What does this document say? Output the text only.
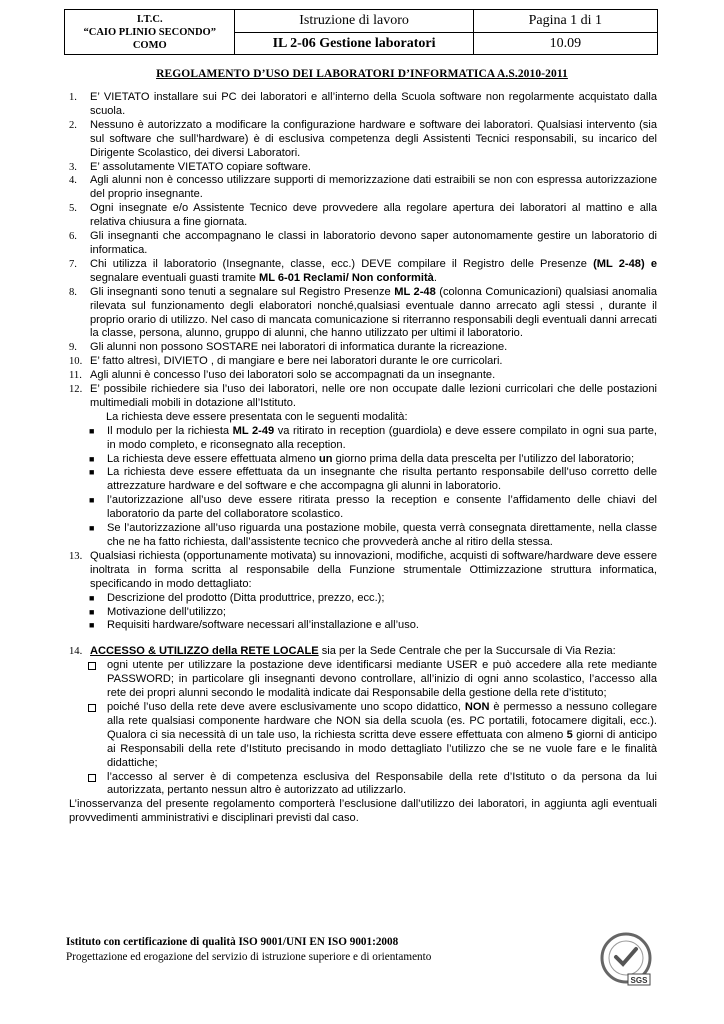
I.T.C.
“CAIO PLINIO SECONDO”
COMO	Istruzione di lavoro	Pagina 1 di 1
	IL 2-06 Gestione laboratori	10.09
REGOLAMENTO D’USO DEI LABORATORI D’INFORMATICA A.S.2010-2011
1. E’ VIETATO installare sui PC dei laboratori e all’interno della Scuola software non regolarmente acquistato dalla scuola.
2. Nessuno è autorizzato a modificare la configurazione hardware e software dei laboratori. Qualsiasi intervento (sia sul software che sull’hardware) è di esclusiva competenza degli Assistenti Tecnici responsabili, su incarico del Dirigente Scolastico, dei diversi Laboratori.
3. E’ assolutamente VIETATO copiare software.
4. Agli alunni non è concesso utilizzare supporti di memorizzazione dati estraibili se non con espressa autorizzazione del proprio insegnante.
5. Ogni insegnate e/o Assistente Tecnico deve provvedere alla regolare apertura dei laboratori al mattino e alla relativa chiusura a fine giornata.
6. Gli insegnanti che accompagnano le classi in laboratorio devono saper autonomamente gestire un laboratorio di informatica.
7. Chi utilizza il laboratorio (Insegnante, classe, ecc.) DEVE compilare il Registro delle Presenze (ML 2-48) e segnalare eventuali guasti tramite ML 6-01 Reclami/ Non conformità.
8. Gli insegnanti sono tenuti a segnalare sul Registro Presenze ML 2-48 (colonna Comunicazioni) qualsiasi anomalia rilevata sul funzionamento degli elaboratori nonché,qualsiasi eventuale danno arrecato agli stessi , durante il proprio orario di utilizzo. Nel caso di mancata comunicazione si riterranno responsabili degli eventuali danni arrecati la classe, persona, alunno, gruppo di alunni, che hanno utilizzato per ultimi il laboratorio.
9. Gli alunni non possono SOSTARE nei laboratori di informatica durante la ricreazione.
10. E’ fatto altresì, DIVIETO , di mangiare e bere nei laboratori durante le ore curricolari.
11. Agli alunni è concesso l’uso dei laboratori solo se accompagnati da un insegnante.
12. E’ possibile richiedere sia l’uso dei laboratori, nelle ore non occupate dalle lezioni curricolari che delle postazioni multimediali mobili in dotazione all’Istituto.
La richiesta deve essere presentata con le seguenti modalità:
■ Il modulo per la richiesta ML 2-49 va ritirato in reception (guardiola) e deve essere compilato in ogni sua parte, in modo completo, e riconsegnato alla reception.
■ La richiesta deve essere effettuata almeno un giorno prima della data prescelta per l’utilizzo del laboratorio;
■ La richiesta deve essere effettuata da un insegnante che risulta pertanto responsabile dell’uso corretto delle attrezzature hardware e del software e che accompagna gli alunni in laboratorio.
■ l’autorizzazione all’uso deve essere ritirata presso la reception e consente l’affidamento delle chiavi del laboratorio da parte del collaboratore scolastico.
■ Se l’autorizzazione all’uso riguarda una postazione mobile, questa verrà consegnata direttamente, nella classe che ne ha fatto richiesta, dall’assistente tecnico che provvederà anche al ritiro della stessa.
13. Qualsiasi richiesta (opportunamente motivata) su innovazioni, modifiche, acquisti di software/hardware deve essere inoltrata in forma scritta al responsabile della Funzione strumentale Ottimizzazione struttura informatica, specificando in modo dettagliato:
■ Descrizione del prodotto (Ditta produttrice, prezzo, ecc.);
■ Motivazione dell’utilizzo;
■ Requisiti hardware/software necessari all’installazione e all’uso.
14. ACCESSO & UTILIZZO della RETE LOCALE sia per la Sede Centrale che per la Succursale di Via Rezia:
ogni utente per utilizzare la postazione deve identificarsi mediante USER e può accedere alla rete mediante PASSWORD; in particolare gli insegnanti devono controllare, all’inizio di ogni anno scolastico, l’accesso alla rete dei propri alunni secondo le modalità indicate dai Responsabile della gestione della rete d’istituto;
poiché l’uso della rete deve avere esclusivamente uno scopo didattico, NON è permesso a nessuno collegare alla rete qualsiasi componente hardware che NON sia della scuola (es. PC portatili, fotocamere digitali, ecc.). Qualora ci sia necessità di un tale uso, la richiesta scritta deve essere effettuata con almeno 5 giorni di anticipo ai Responsabili della rete d’Istituto precisando in modo dettagliato l’utilizzo che se ne vuole fare e le finalità didattiche;
l’accesso al server è di competenza esclusiva del Responsabile della rete d’Istituto o da persona da lui autorizzata, pertanto nessun altro è autorizzato ad utilizzarlo.
L’inosservanza del presente regolamento comporterà l’esclusione dall’utilizzo dei laboratori, in aggiunta agli eventuali provvedimenti amministrativi e disciplinari previsti dal caso.
Istituto con certificazione di qualità ISO 9001/UNI EN ISO 9001:2008
Progettazione ed erogazione del servizio di istruzione superiore e di orientamento
SGS
